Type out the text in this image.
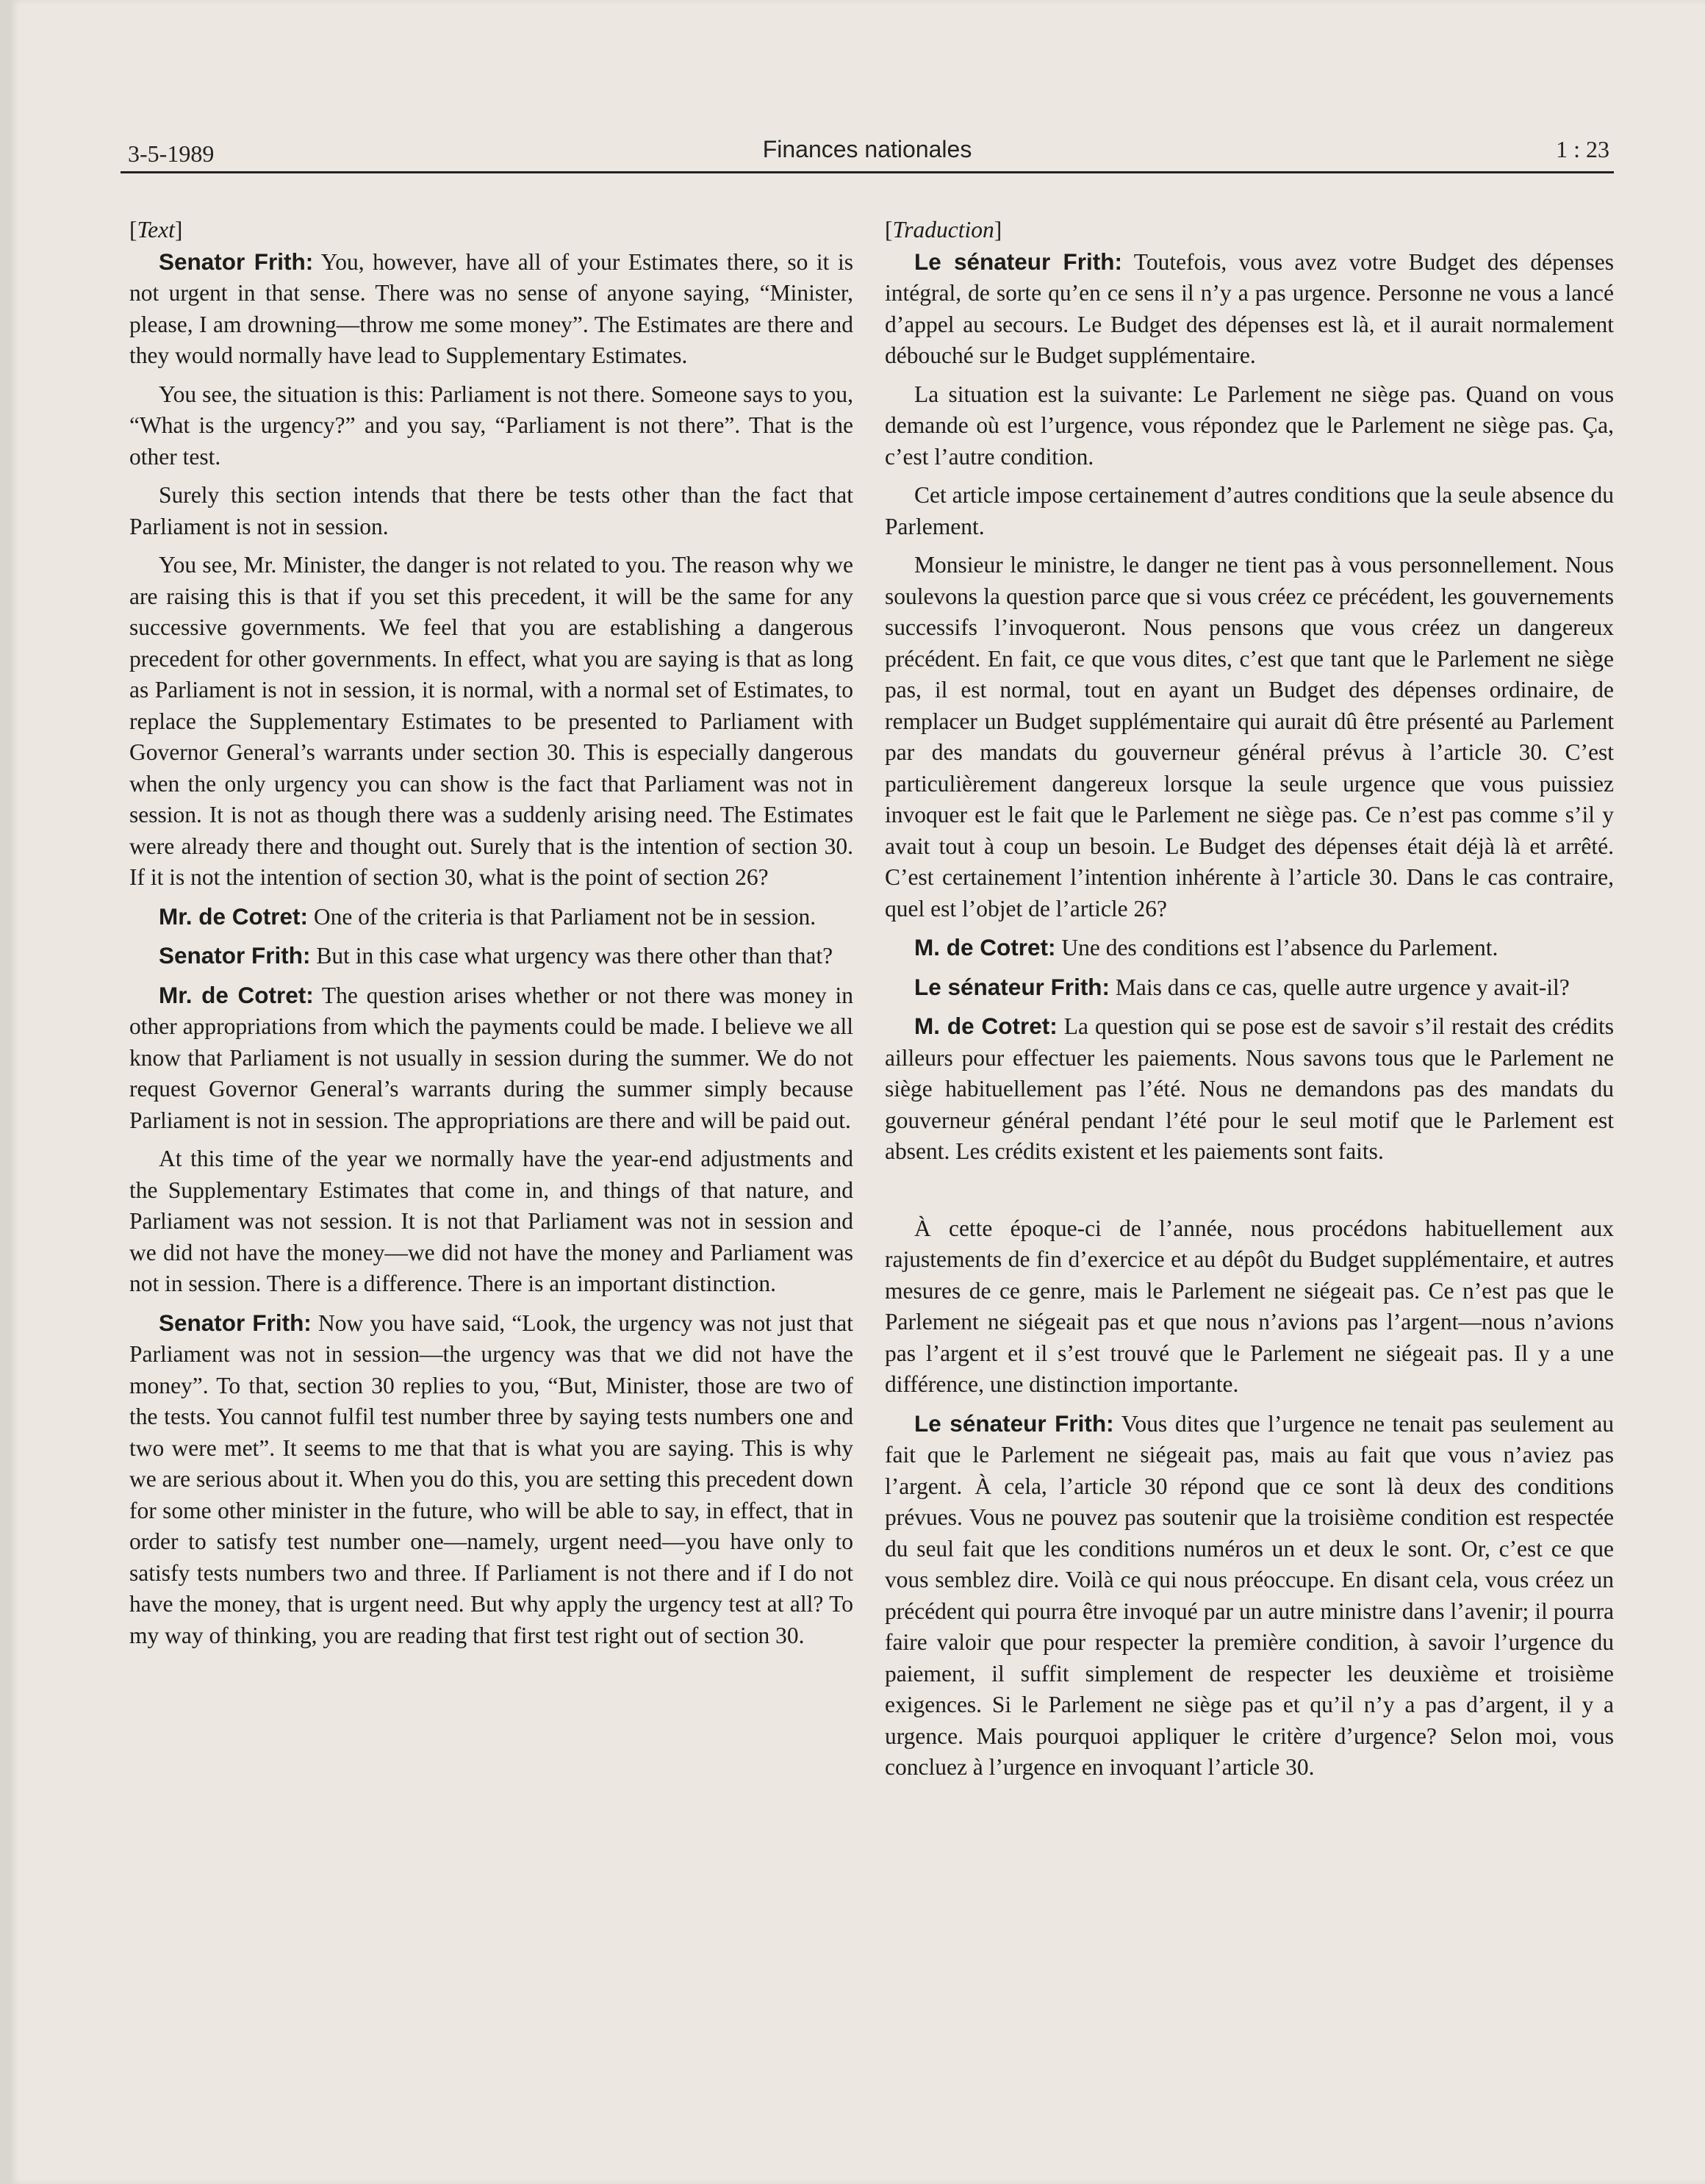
3-5-1989	Finances nationales	1 : 23

[Text]

Senator Frith: You, however, have all of your Estimates there, so it is not urgent in that sense. There was no sense of anyone saying, “Minister, please, I am drowning—throw me some money”. The Estimates are there and they would normally have lead to Supplementary Estimates.

You see, the situation is this: Parliament is not there. Someone says to you, “What is the urgency?” and you say, “Parliament is not there”. That is the other test.

Surely this section intends that there be tests other than the fact that Parliament is not in session.

You see, Mr. Minister, the danger is not related to you. The reason why we are raising this is that if you set this precedent, it will be the same for any successive governments. We feel that you are establishing a dangerous precedent for other governments. In effect, what you are saying is that as long as Parliament is not in session, it is normal, with a normal set of Estimates, to replace the Supplementary Estimates to be presented to Parliament with Governor General’s warrants under section 30. This is especially dangerous when the only urgency you can show is the fact that Parliament was not in session. It is not as though there was a suddenly arising need. The Estimates were already there and thought out. Surely that is the intention of section 30. If it is not the intention of section 30, what is the point of section 26?

Mr. de Cotret: One of the criteria is that Parliament not be in session.

Senator Frith: But in this case what urgency was there other than that?

Mr. de Cotret: The question arises whether or not there was money in other appropriations from which the payments could be made. I believe we all know that Parliament is not usually in session during the summer. We do not request Governor General’s warrants during the summer simply because Parliament is not in session. The appropriations are there and will be paid out.

At this time of the year we normally have the year-end adjustments and the Supplementary Estimates that come in, and things of that nature, and Parliament was not session. It is not that Parliament was not in session and we did not have the money—we did not have the money and Parliament was not in session. There is a difference. There is an important distinction.

Senator Frith: Now you have said, “Look, the urgency was not just that Parliament was not in session—the urgency was that we did not have the money”. To that, section 30 replies to you, “But, Minister, those are two of the tests. You cannot fulfil test number three by saying tests numbers one and two were met”. It seems to me that that is what you are saying. This is why we are serious about it. When you do this, you are setting this precedent down for some other minister in the future, who will be able to say, in effect, that in order to satisfy test number one—namely, urgent need—you have only to satisfy tests numbers two and three. If Parliament is not there and if I do not have the money, that is urgent need. But why apply the urgency test at all? To my way of thinking, you are reading that first test right out of section 30.

[Traduction]

Le sénateur Frith: Toutefois, vous avez votre Budget des dépenses intégral, de sorte qu’en ce sens il n’y a pas urgence. Personne ne vous a lancé d’appel au secours. Le Budget des dépenses est là, et il aurait normalement débouché sur le Budget supplémentaire.

La situation est la suivante: Le Parlement ne siège pas. Quand on vous demande où est l’urgence, vous répondez que le Parlement ne siège pas. Ça, c’est l’autre condition.

Cet article impose certainement d’autres conditions que la seule absence du Parlement.

Monsieur le ministre, le danger ne tient pas à vous personnellement. Nous soulevons la question parce que si vous créez ce précédent, les gouvernements successifs l’invoqueront. Nous pensons que vous créez un dangereux précédent. En fait, ce que vous dites, c’est que tant que le Parlement ne siège pas, il est normal, tout en ayant un Budget des dépenses ordinaire, de remplacer un Budget supplémentaire qui aurait dû être présenté au Parlement par des mandats du gouverneur général prévus à l’article 30. C’est particulièrement dangereux lorsque la seule urgence que vous puissiez invoquer est le fait que le Parlement ne siège pas. Ce n’est pas comme s’il y avait tout à coup un besoin. Le Budget des dépenses était déjà là et arrêté. C’est certainement l’intention inhérente à l’article 30. Dans le cas contraire, quel est l’objet de l’article 26?

M. de Cotret: Une des conditions est l’absence du Parlement.

Le sénateur Frith: Mais dans ce cas, quelle autre urgence y avait-il?

M. de Cotret: La question qui se pose est de savoir s’il restait des crédits ailleurs pour effectuer les paiements. Nous savons tous que le Parlement ne siège habituellement pas l’été. Nous ne demandons pas des mandats du gouverneur général pendant l’été pour le seul motif que le Parlement est absent. Les crédits existent et les paiements sont faits.

À cette époque-ci de l’année, nous procédons habituellement aux rajustements de fin d’exercice et au dépôt du Budget supplémentaire, et autres mesures de ce genre, mais le Parlement ne siégeait pas. Ce n’est pas que le Parlement ne siégeait pas et que nous n’avions pas l’argent—nous n’avions pas l’argent et il s’est trouvé que le Parlement ne siégeait pas. Il y a une différence, une distinction importante.

Le sénateur Frith: Vous dites que l’urgence ne tenait pas seulement au fait que le Parlement ne siégeait pas, mais au fait que vous n’aviez pas l’argent. À cela, l’article 30 répond que ce sont là deux des conditions prévues. Vous ne pouvez pas soutenir que la troisième condition est respectée du seul fait que les conditions numéros un et deux le sont. Or, c’est ce que vous semblez dire. Voilà ce qui nous préoccupe. En disant cela, vous créez un précédent qui pourra être invoqué par un autre ministre dans l’avenir; il pourra faire valoir que pour respecter la première condition, à savoir l’urgence du paiement, il suffit simplement de respecter les deuxième et troisième exigences. Si le Parlement ne siège pas et qu’il n’y a pas d’argent, il y a urgence. Mais pourquoi appliquer le critère d’urgence? Selon moi, vous concluez à l’urgence en invoquant l’article 30.
